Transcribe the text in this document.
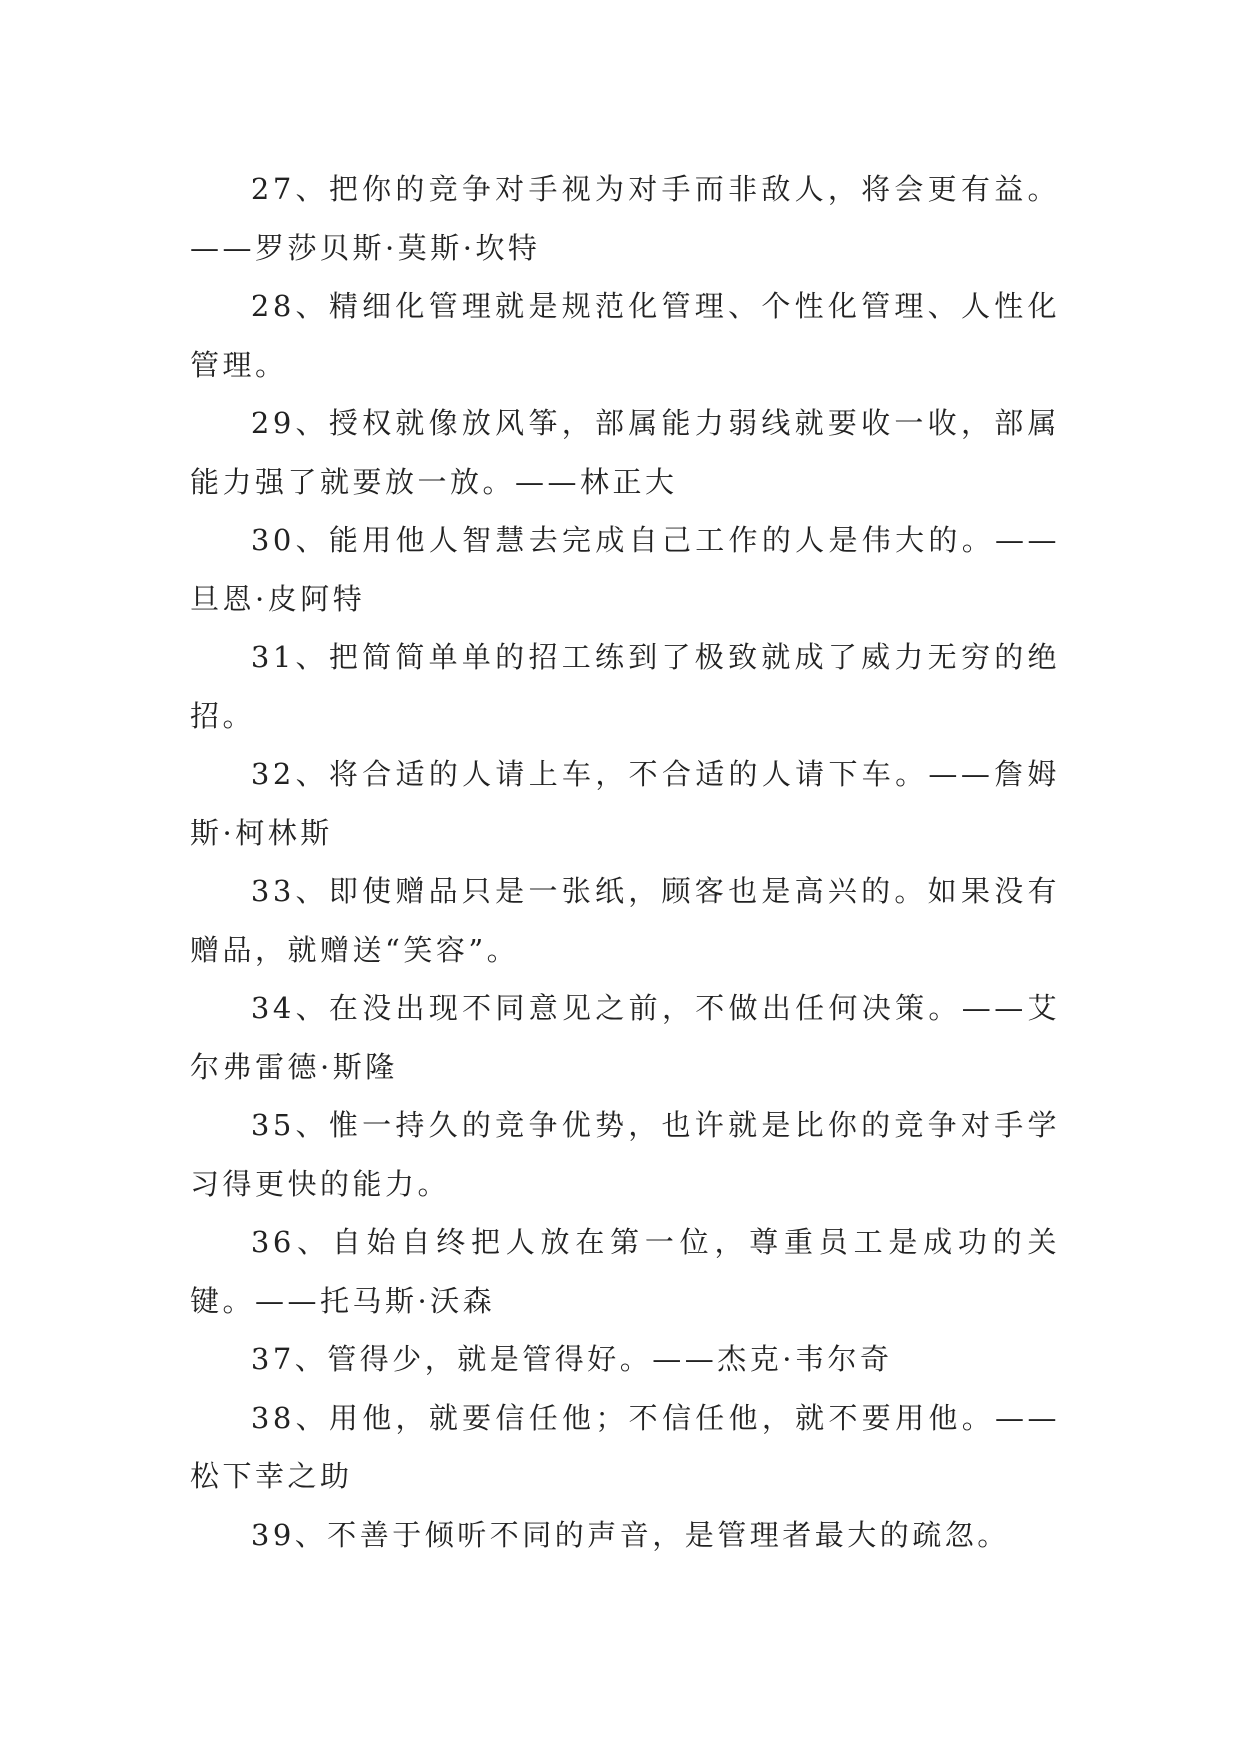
27、把你的竞争对手视为对手而非敌人，将会更有益。——罗莎贝斯·莫斯·坎特

28、精细化管理就是规范化管理、个性化管理、人性化管理。

29、授权就像放风筝，部属能力弱线就要收一收，部属能力强了就要放一放。——林正大

30、能用他人智慧去完成自己工作的人是伟大的。——旦恩·皮阿特

31、把简简单单的招工练到了极致就成了威力无穷的绝招。

32、将合适的人请上车，不合适的人请下车。——詹姆斯·柯林斯

33、即使赠品只是一张纸，顾客也是高兴的。如果没有赠品，就赠送“笑容”。

34、在没出现不同意见之前，不做出任何决策。——艾尔弗雷德·斯隆

35、惟一持久的竞争优势，也许就是比你的竞争对手学习得更快的能力。

36、自始自终把人放在第一位，尊重员工是成功的关键。——托马斯·沃森

37、管得少，就是管得好。——杰克·韦尔奇

38、用他，就要信任他；不信任他，就不要用他。——松下幸之助

39、不善于倾听不同的声音，是管理者最大的疏忽。
